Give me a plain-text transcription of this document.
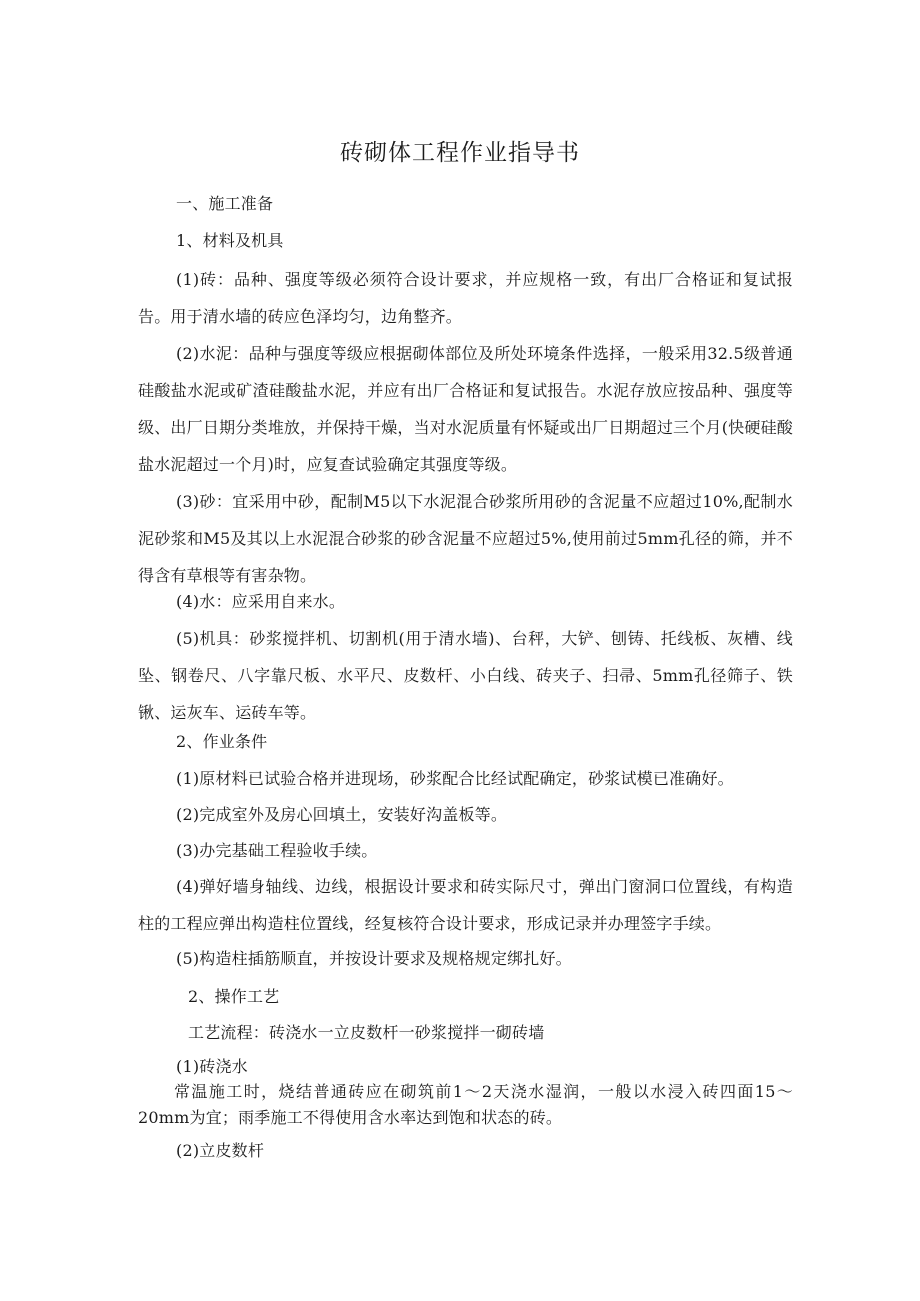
砖砌体工程作业指导书
一、施工准备
1、材料及机具

(1)砖：品种、强度等级必须符合设计要求，并应规格一致，有出厂合格证和复试报告。用于清水墙的砖应色泽均匀，边角整齐。

(2)水泥：品种与强度等级应根据砌体部位及所处环境条件选择，一般采用32.5级普通硅酸盐水泥或矿渣硅酸盐水泥，并应有出厂合格证和复试报告。水泥存放应按品种、强度等级、出厂日期分类堆放，并保持干燥，当对水泥质量有怀疑或出厂日期超过三个月(快硬硅酸盐水泥超过一个月)时，应复查试验确定其强度等级。

(3)砂：宜采用中砂，配制M5以下水泥混合砂浆所用砂的含泥量不应超过10%,配制水泥砂浆和M5及其以上水泥混合砂浆的砂含泥量不应超过5%,使用前过5mm孔径的筛，并不得含有草根等有害杂物。

(4)水：应采用自来水。

(5)机具：砂浆搅拌机、切割机(用于清水墙)、台秤，大铲、刨铸、托线板、灰槽、线坠、钢卷尺、八字靠尺板、水平尺、皮数杆、小白线、砖夹子、扫帚、5mm孔径筛子、铁锹、运灰车、运砖车等。

2、作业条件
(1)原材料已试验合格并进现场，砂浆配合比经试配确定，砂浆试模已准确好。
(2)完成室外及房心回填土，安装好沟盖板等。
(3)办完基础工程验收手续。

(4)弹好墙身轴线、边线，根据设计要求和砖实际尺寸，弹出门窗洞口位置线，有构造柱的工程应弹出构造柱位置线，经复核符合设计要求，形成记录并办理签字手续。

(5)构造柱插筋顺直，并按设计要求及规格规定绑扎好。
2、操作工艺
工艺流程：砖浇水一立皮数杆一砂浆搅拌一砌砖墙
(1)砖浇水

常温施工时，烧结普通砖应在砌筑前1～2天浇水湿润，一般以水浸入砖四面15～20mm为宜；雨季施工不得使用含水率达到饱和状态的砖。

(2)立皮数杆
